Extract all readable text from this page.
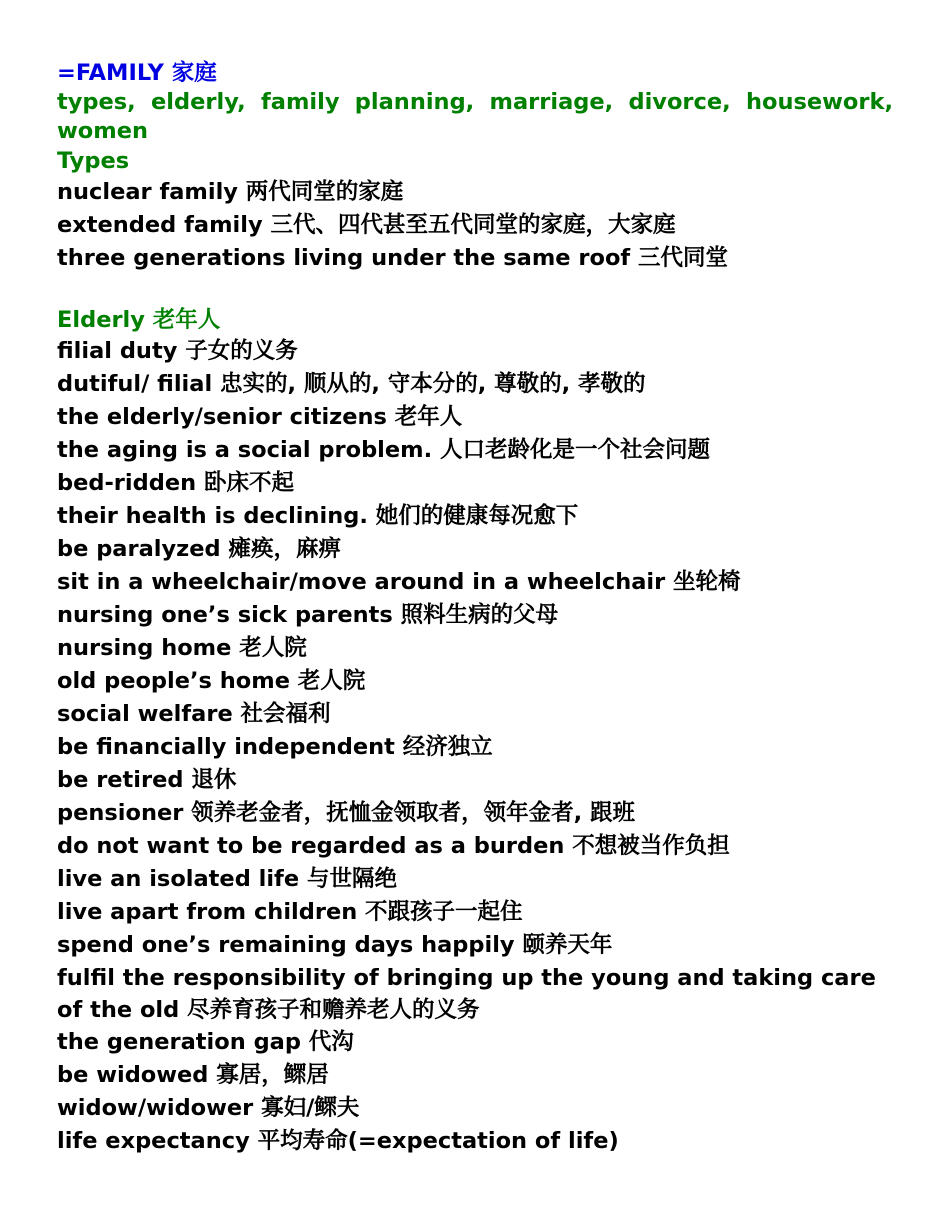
=FAMILY 家庭
types, elderly, family planning, marriage, divorce, housework, women
Types
nuclear family 两代同堂的家庭
extended family 三代、四代甚至五代同堂的家庭，大家庭
three generations living under the same roof 三代同堂
Elderly 老年人
filial duty 子女的义务
dutiful/ filial 忠实的, 顺从的, 守本分的, 尊敬的, 孝敬的
the elderly/senior citizens 老年人
the aging is a social problem. 人口老龄化是一个社会问题
bed-ridden 卧床不起
their health is declining. 她们的健康每况愈下
be paralyzed 瘫痪，麻痹
sit in a wheelchair/move around in a wheelchair 坐轮椅
nursing one’s sick parents 照料生病的父母
nursing home 老人院
old people’s home 老人院
social welfare 社会福利
be financially independent 经济独立
be retired 退休
pensioner 领养老金者，抚恤金领取者，领年金者, 跟班
do not want to be regarded as a burden 不想被当作负担
live an isolated life 与世隔绝
live apart from children 不跟孩子一起住
spend one’s remaining days happily 颐养天年
fulfil the responsibility of bringing up the young and taking care of the old 尽养育孩子和赡养老人的义务
the generation gap 代沟
be widowed 寡居，鳏居
widow/widower 寡妇/鳏夫
life expectancy 平均寿命(=expectation of life)
